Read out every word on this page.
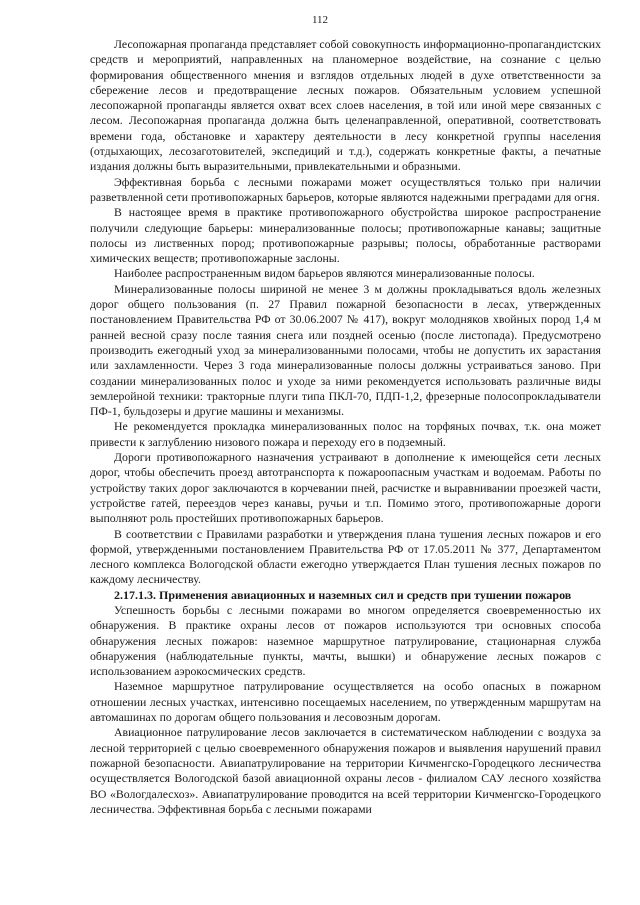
112

Лесопожарная пропаганда представляет собой совокупность информационно-пропагандистских средств и мероприятий, направленных на планомерное воздействие, на сознание с целью формирования общественного мнения и взглядов отдельных людей в духе ответственности за сбережение лесов и предотвращение лесных пожаров. Обязательным условием успешной лесопожарной пропаганды является охват всех слоев населения, в той или иной мере связанных с лесом. Лесопожарная пропаганда должна быть целенаправленной, оперативной, соответствовать времени года, обстановке и характеру деятельности в лесу конкретной группы населения (отдыхающих, лесозаготовителей, экспедиций и т.д.), содержать конкретные факты, а печатные издания должны быть выразительными, привлекательными и образными.

Эффективная борьба с лесными пожарами может осуществляться только при наличии разветвленной сети противопожарных барьеров, которые являются надежными преградами для огня.

В настоящее время в практике противопожарного обустройства широкое распространение получили следующие барьеры: минерализованные полосы; противопожарные канавы; защитные полосы из лиственных пород; противопожарные разрывы; полосы, обработанные растворами химических веществ; противопожарные заслоны.

Наиболее распространенным видом барьеров являются минерализованные полосы.

Минерализованные полосы шириной не менее 3 м должны прокладываться вдоль железных дорог общего пользования (п. 27 Правил пожарной безопасности в лесах, утвержденных постановлением Правительства РФ от 30.06.2007 № 417), вокруг молодняков хвойных пород 1,4 м ранней весной сразу после таяния снега или поздней осенью (после листопада). Предусмотрено производить ежегодный уход за минерализованными полосами, чтобы не допустить их зарастания или захламленности. Через 3 года минерализованные полосы должны устраиваться заново. При создании минерализованных полос и уходе за ними рекомендуется использовать различные виды землеройной техники: тракторные плуги типа ПКЛ-70, ПДП-1,2, фрезерные полосопрокладыватели ПФ-1, бульдозеры и другие машины и механизмы.

Не рекомендуется прокладка минерализованных полос на торфяных почвах, т.к. она может привести к заглублению низового пожара и переходу его в подземный.

Дороги противопожарного назначения устраивают в дополнение к имеющейся сети лесных дорог, чтобы обеспечить проезд автотранспорта к пожароопасным участкам и водоемам. Работы по устройству таких дорог заключаются в корчевании пней, расчистке и выравнивании проезжей части, устройстве гатей, переездов через канавы, ручьи и т.п. Помимо этого, противопожарные дороги выполняют роль простейших противопожарных барьеров.

В соответствии с Правилами разработки и утверждения плана тушения лесных пожаров и его формой, утвержденными постановлением Правительства РФ от 17.05.2011 № 377, Департаментом лесного комплекса Вологодской области ежегодно утверждается План тушения лесных пожаров по каждому лесничеству.

2.17.1.3. Применения авиационных и наземных сил и средств при тушении пожаров

Успешность борьбы с лесными пожарами во многом определяется своевременностью их обнаружения. В практике охраны лесов от пожаров используются три основных способа обнаружения лесных пожаров: наземное маршрутное патрулирование, стационарная служба обнаружения (наблюдательные пункты, мачты, вышки) и обнаружение лесных пожаров с использованием аэрокосмических средств.

Наземное маршрутное патрулирование осуществляется на особо опасных в пожарном отношении лесных участках, интенсивно посещаемых населением, по утвержденным маршрутам на автомашинах по дорогам общего пользования и лесовозным дорогам.

Авиационное патрулирование лесов заключается в систематическом наблюдении с воздуха за лесной территорией с целью своевременного обнаружения пожаров и выявления нарушений правил пожарной безопасности. Авиапатрулирование на территории Кичменгско-Городецкого лесничества осуществляется Вологодской базой авиационной охраны лесов - филиалом САУ лесного хозяйства ВО «Вологдалесхоз». Авиапатрулирование проводится на всей территории Кичменгско-Городецкого лесничества. Эффективная борьба с лесными пожарами
